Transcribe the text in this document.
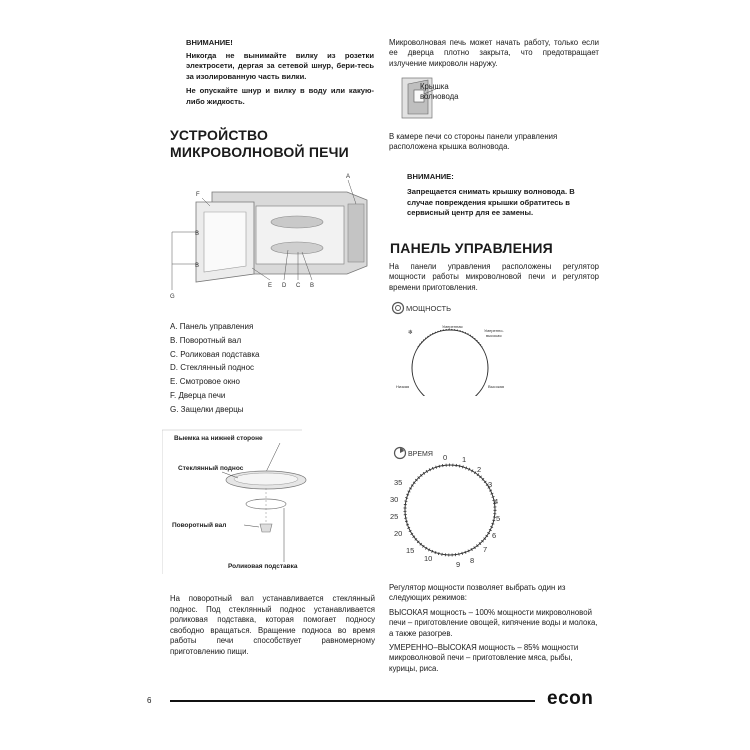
ВНИМАНИЕ!
Никогда не вынимайте вилку из розетки электросети, дергая за сетевой шнур, бери-тесь за изолированную часть вилки.
Не опускайте шнур и вилку в воду или какую-либо жидкость.
УСТРОЙСТВО
МИКРОВОЛНОВОЙ ПЕЧИ
F
A
B
B
E D C B
G
A. Панель управления
B. Поворотный вал
C. Роликовая подставка
D. Стеклянный поднос
E. Смотровое окно
F. Дверца печи
G. Защелки дверцы
Выемка на нижней стороне
Стеклянный поднос
Поворотный вал
Роликовая подставка
На поворотный вал устанавливается стеклянный поднос. Под стеклянный поднос устанавливается роликовая подставка, которая помогает подносу свободно вращаться. Вращение подноса во время работы печи способствует равномерному приготовлению пищи.
Микроволновая печь может начать работу, только если ее дверца плотно закрыта, что предотвращает излучение микроволн наружу.
Крышка
волновода
В камере печи со стороны панели управления расположена крышка волновода.
ВНИМАНИЕ:
Запрещается снимать крышку волновода. В случае повреждения крышки обратитесь в сервисный центр для ее замены.
ПАНЕЛЬ УПРАВЛЕНИЯ
На панели управления расположены регулятор мощности работы микроволновой печи и регулятор времени приготовления.
МОЩНОСТЬ
❄
Низкая
Умеренная
Умеренно-
высокая
Высокая
ВРЕМЯ 0 1
2
3
4
5
6
7
8
9
10
15
20
25
30
35

Регулятор мощности позволяет выбрать один из следующих режимов:

ВЫСОКАЯ мощность – 100% мощности микроволновой печи – приготовление овощей, кипячение воды и молока, а также разогрев.

УМЕРЕННО–ВЫСОКАЯ мощность – 85% мощности микроволновой печи – приготовление мяса, рыбы, курицы, риса.

6	econ
